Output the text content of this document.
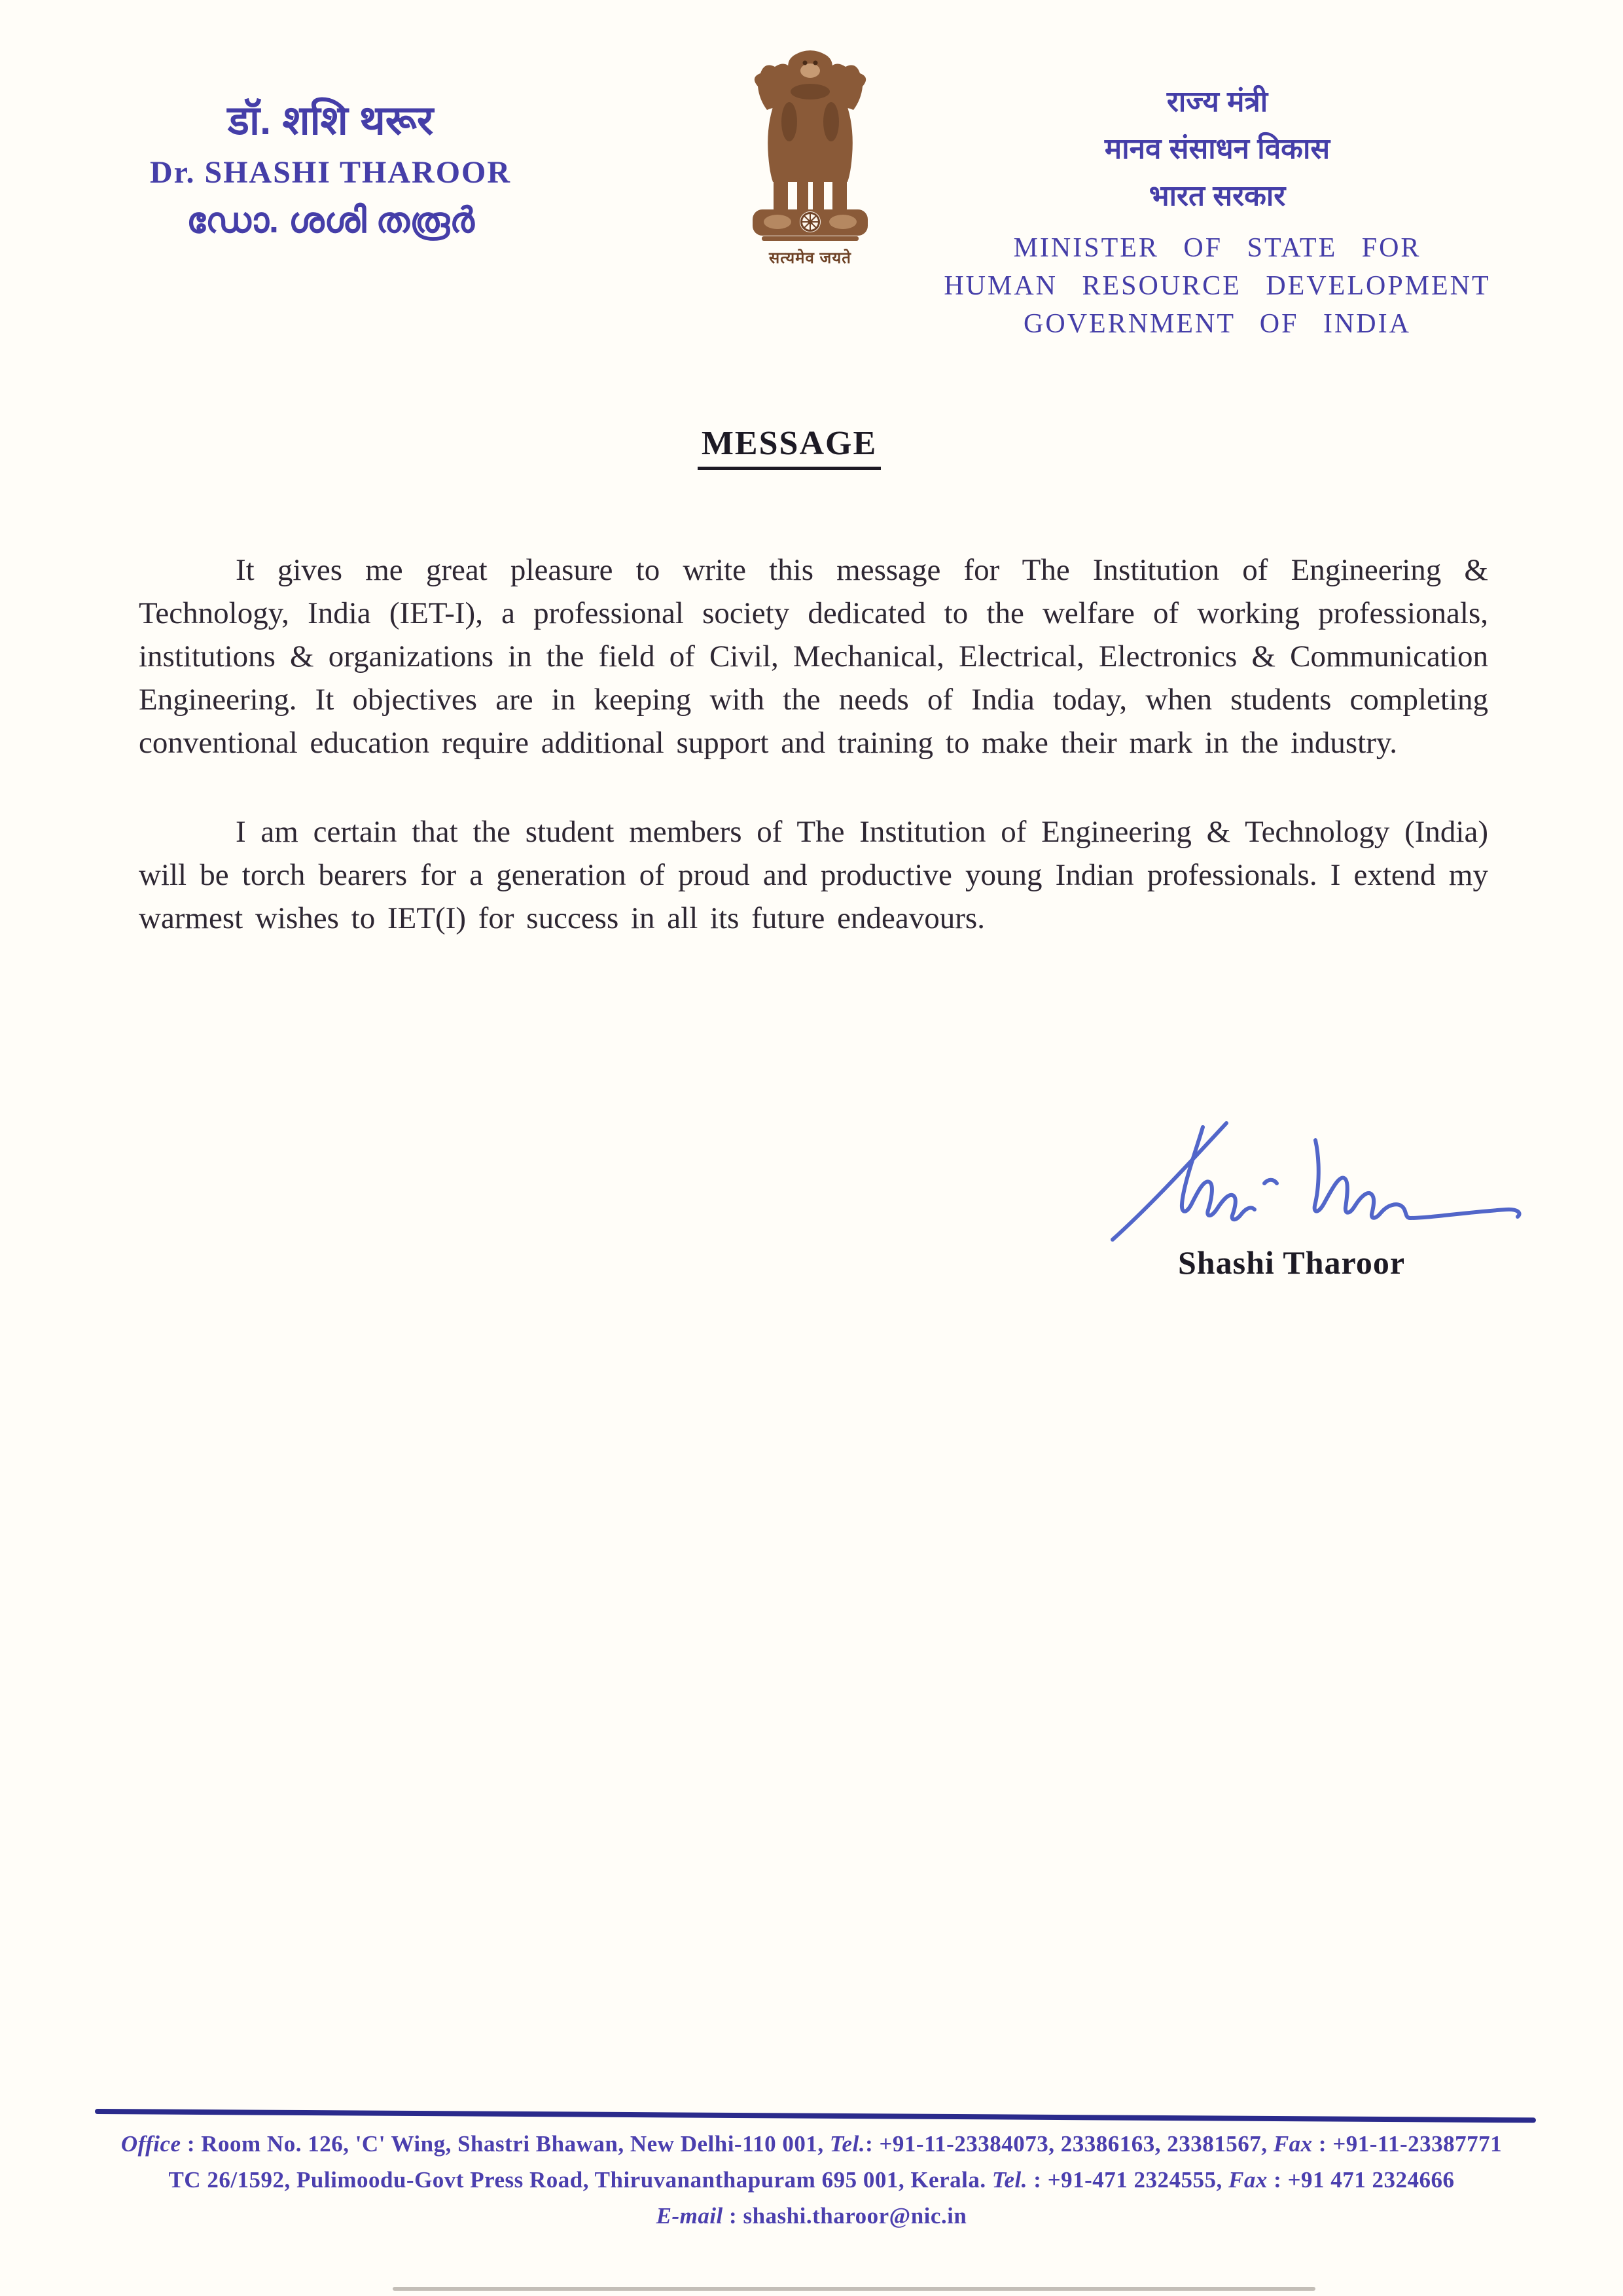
डॉ. शशि थरूर
Dr. SHASHI THAROOR
ഡോ. ശശി തരൂർ
सत्यमेव जयते
राज्य मंत्री
मानव संसाधन विकास
भारत सरकार
MINISTER OF STATE FOR
HUMAN RESOURCE DEVELOPMENT
GOVERNMENT OF INDIA
MESSAGE

It gives me great pleasure to write this message for The Institution of Engineering & Technology, India (IET-I), a professional society dedicated to the welfare of working professionals, institutions & organizations in the field of Civil, Mechanical, Electrical, Electronics & Communication Engineering. It objectives are in keeping with the needs of India today, when students completing conventional education require additional support and training to make their mark in the industry.

I am certain that the student members of The Institution of Engineering & Technology (India) will be torch bearers for a generation of proud and productive young Indian professionals. I extend my warmest wishes to IET(I) for success in all its future endeavours.

Shashi Tharoor
Office : Room No. 126, 'C' Wing, Shastri Bhawan, New Delhi-110 001, Tel.: +91-11-23384073, 23386163, 23381567, Fax : +91-11-23387771
TC 26/1592, Pulimoodu-Govt Press Road, Thiruvananthapuram 695 001, Kerala. Tel. : +91-471 2324555, Fax : +91 471 2324666
E-mail : shashi.tharoor@nic.in
